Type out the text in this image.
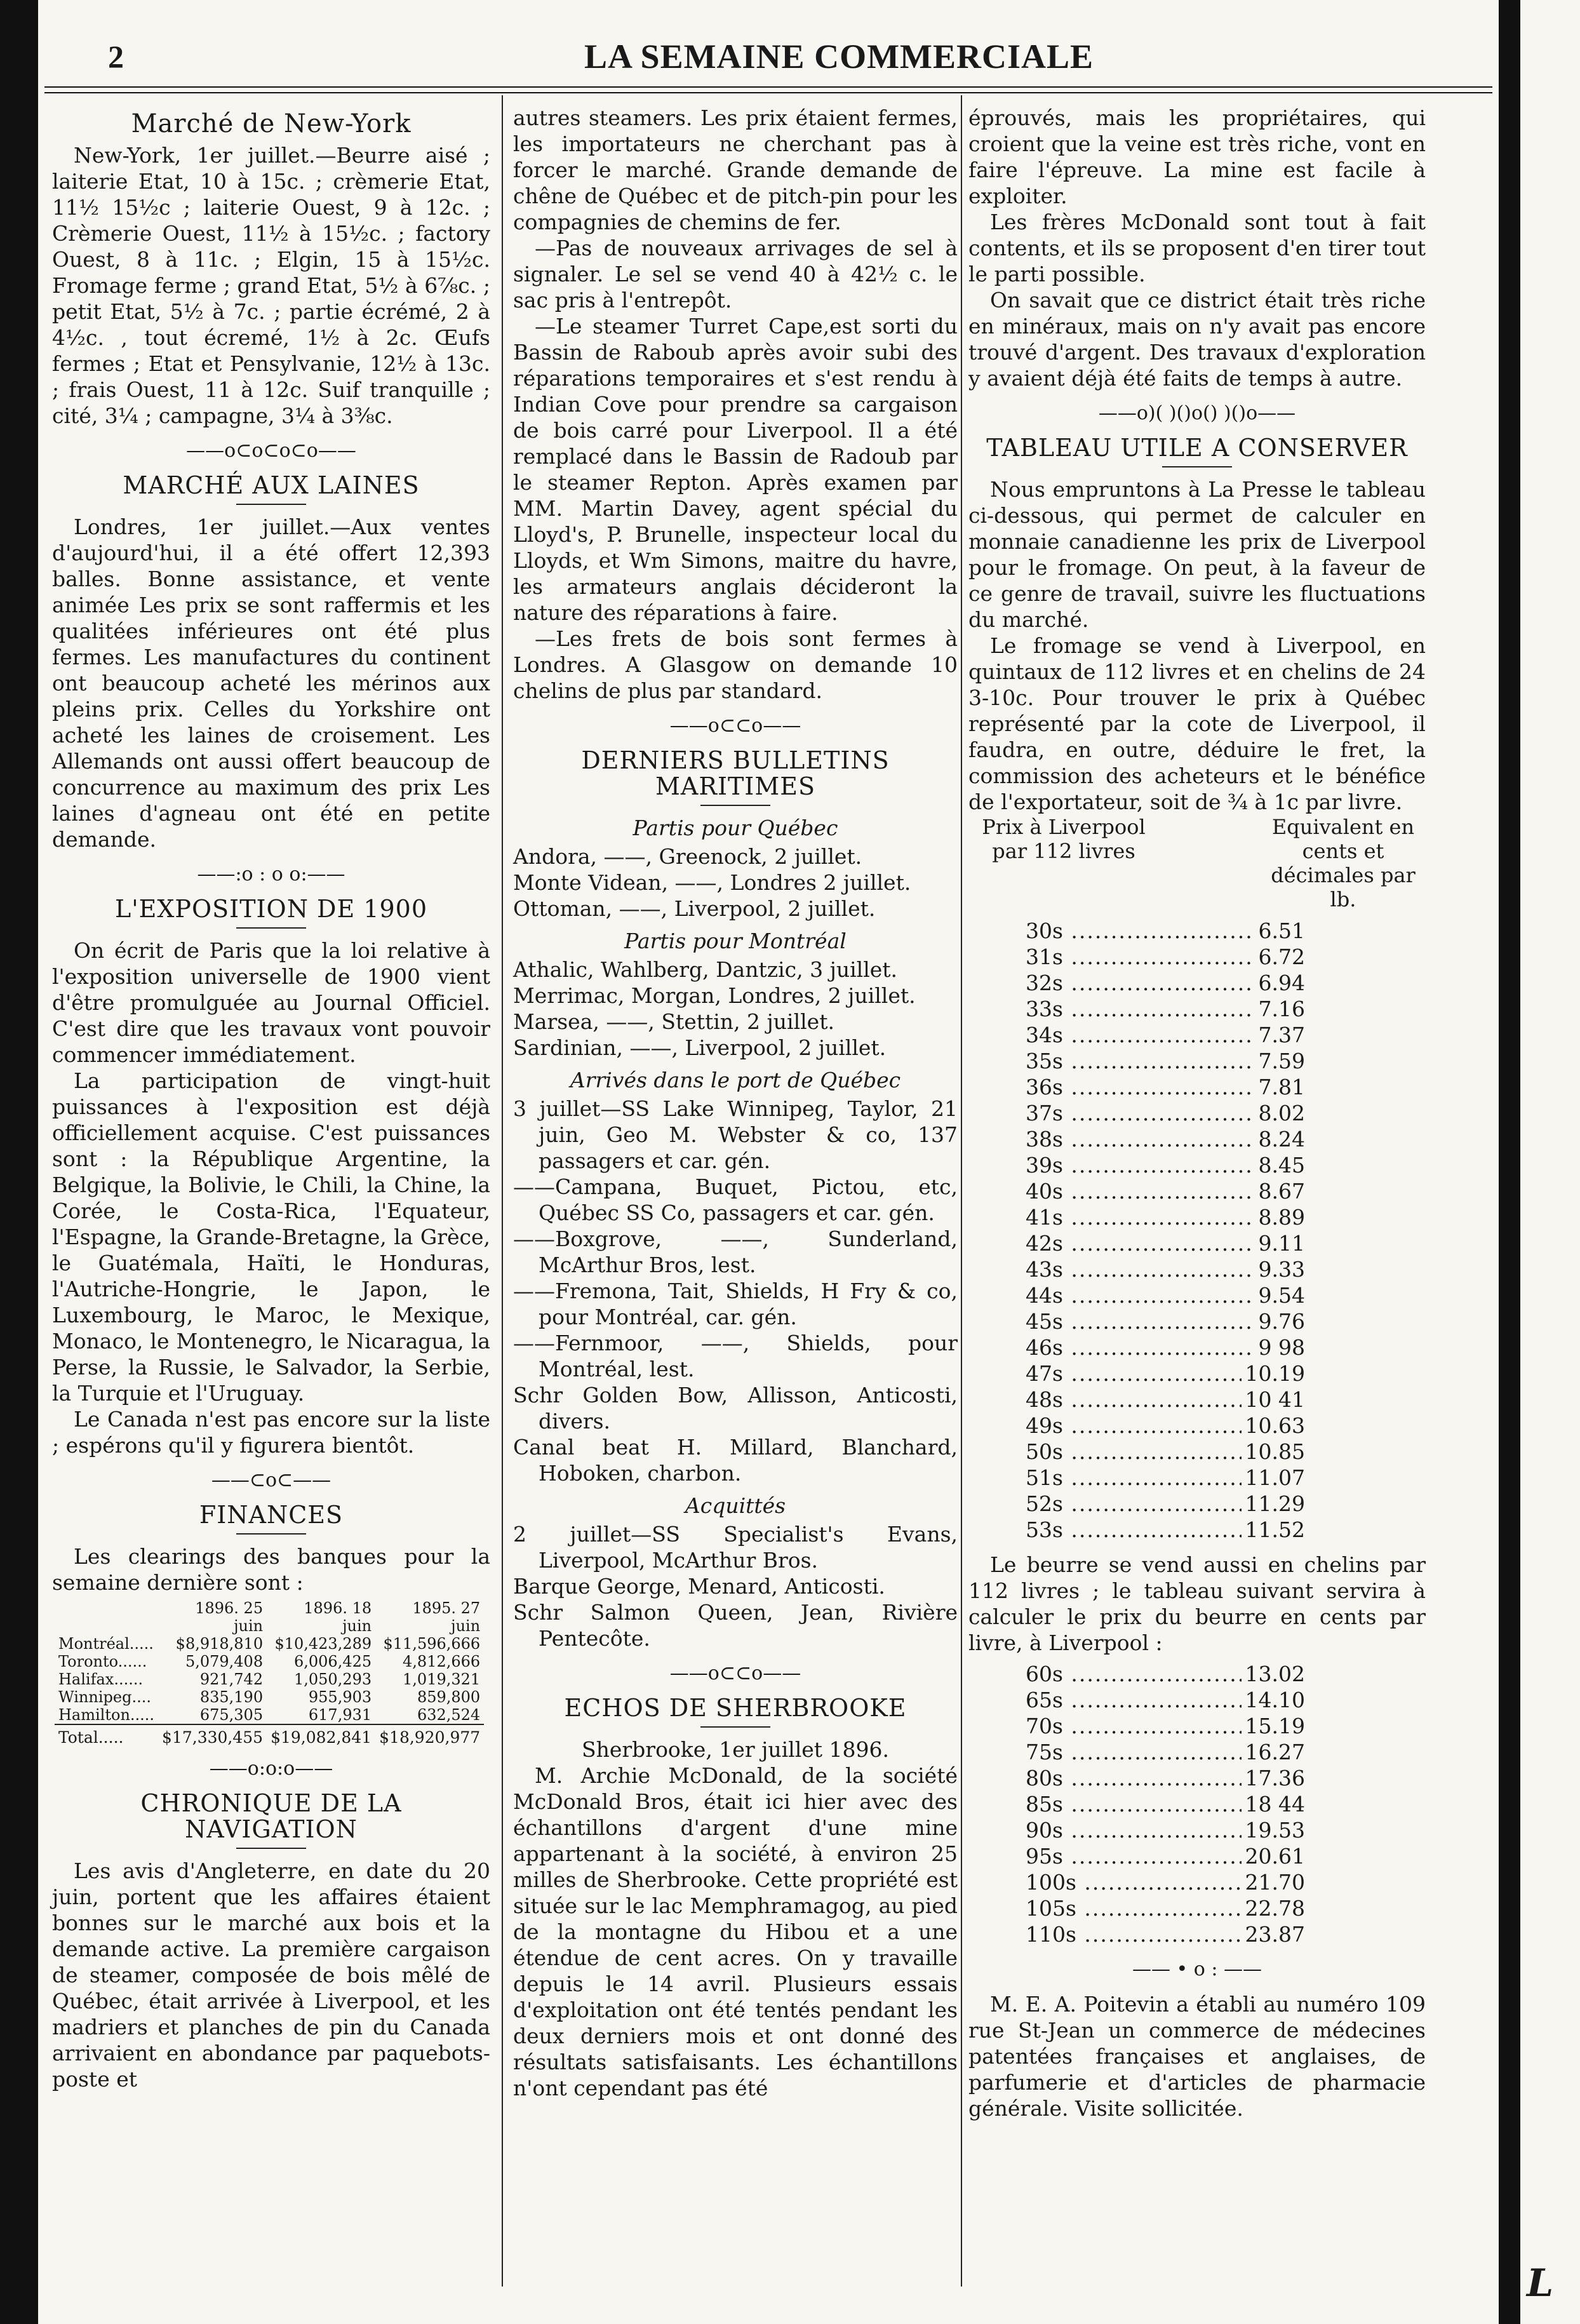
2	LA SEMAINE COMMERCIALE
Marché de New-York

New-York, 1er juillet.—Beurre aisé ; laiterie Etat, 10 à 15c. ; crèmerie Etat, 11½ 15½c ; laiterie Ouest, 9 à 12c. ; Crèmerie Ouest, 11½ à 15½c. ; factory Ouest, 8 à 11c. ; Elgin, 15 à 15½c. Fromage ferme ; grand Etat, 5½ à 6⅞c. ; petit Etat, 5½ à 7c. ; partie écrémé, 2 à 4½c. , tout écremé, 1½ à 2c. Œufs fermes ; Etat et Pensylvanie, 12½ à 13c. ; frais Ouest, 11 à 12c. Suif tranquille ; cité, 3¼ ; campagne, 3¼ à 3⅜c.

——o⊂o⊂o⊂o——
MARCHÉ AUX LAINES

Londres, 1er juillet.—Aux ventes d'aujourd'hui, il a été offert 12,393 balles. Bonne assistance, et vente animée Les prix se sont raffermis et les qualitées inférieures ont été plus fermes. Les manufactures du continent ont beaucoup acheté les mérinos aux pleins prix. Celles du Yorkshire ont acheté les laines de croisement. Les Allemands ont aussi offert beaucoup de concurrence au maximum des prix Les laines d'agneau ont été en petite demande.

——:o : o o:——
L'EXPOSITION DE 1900

On écrit de Paris que la loi relative à l'exposition universelle de 1900 vient d'être promulguée au Journal Officiel. C'est dire que les travaux vont pouvoir commencer immédiatement.

La participation de vingt-huit puissances à l'exposition est déjà officiellement acquise. C'est puissances sont : la République Argentine, la Belgique, la Bolivie, le Chili, la Chine, la Corée, le Costa-Rica, l'Equateur, l'Espagne, la Grande-Bretagne, la Grèce, le Guatémala, Haïti, le Honduras, l'Autriche-Hongrie, le Japon, le Luxembourg, le Maroc, le Mexique, Monaco, le Montenegro, le Nicaragua, la Perse, la Russie, le Salvador, la Serbie, la Turquie et l'Uruguay.

Le Canada n'est pas encore sur la liste ; espérons qu'il y figurera bientôt.

——⊂o⊂——
FINANCES

Les clearings des banques pour la semaine dernière sont :

	1896. 25 juin	1896. 18 juin	1895. 27 juin
Montréal.....	$8,918,810	$10,423,289	$11,596,666
Toronto......	5,079,408	6,006,425	4,812,666
Halifax......	921,742	1,050,293	1,019,321
Winnipeg....	835,190	955,903	859,800
Hamilton.....	675,305	617,931	632,524
Total.....	$17,330,455	$19,082,841	$18,920,977
——o:o:o——
CHRONIQUE DE LA NAVIGATION

Les avis d'Angleterre, en date du 20 juin, portent que les affaires étaient bonnes sur le marché aux bois et la demande active. La première cargaison de steamer, composée de bois mêlé de Québec, était arrivée à Liverpool, et les madriers et planches de pin du Canada arrivaient en abondance par paquebots-poste et

autres steamers. Les prix étaient fermes, les importateurs ne cherchant pas à forcer le marché. Grande demande de chêne de Québec et de pitch-pin pour les compagnies de chemins de fer.

—Pas de nouveaux arrivages de sel à signaler. Le sel se vend 40 à 42½ c. le sac pris à l'entrepôt.

—Le steamer Turret Cape,est sorti du Bassin de Raboub après avoir subi des réparations temporaires et s'est rendu à Indian Cove pour prendre sa cargaison de bois carré pour Liverpool. Il a été remplacé dans le Bassin de Radoub par le steamer Repton. Après examen par MM. Martin Davey, agent spécial du Lloyd's, P. Brunelle, inspecteur local du Lloyds, et Wm Simons, maitre du havre, les armateurs anglais décideront la nature des réparations à faire.

—Les frets de bois sont fermes à Londres. A Glasgow on demande 10 chelins de plus par standard.

——o⊂⊂o——
DERNIERS BULLETINS MARITIMES
Partis pour Québec

Andora, ——, Greenock, 2 juillet.

Monte Videan, ——, Londres 2 juillet.

Ottoman, ——, Liverpool, 2 juillet.

Partis pour Montréal

Athalic, Wahlberg, Dantzic, 3 juillet.

Merrimac, Morgan, Londres, 2 juillet.

Marsea, ——, Stettin, 2 juillet.

Sardinian, ——, Liverpool, 2 juillet.

Arrivés dans le port de Québec

3 juillet—SS Lake Winnipeg, Taylor, 21 juin, Geo M. Webster & co, 137 passagers et car. gén.

——Campana, Buquet, Pictou, etc, Québec SS Co, passagers et car. gén.

——Boxgrove, ——, Sunderland, McArthur Bros, lest.

——Fremona, Tait, Shields, H Fry & co, pour Montréal, car. gén.

——Fernmoor, ——, Shields, pour Montréal, lest.

Schr Golden Bow, Allisson, Anticosti, divers.

Canal beat H. Millard, Blanchard, Hoboken, charbon.

Acquittés

2 juillet—SS Specialist's Evans, Liverpool, McArthur Bros.

Barque George, Menard, Anticosti.

Schr Salmon Queen, Jean, Rivière Pentecôte.

——o⊂⊂o——
ECHOS DE SHERBROOKE

Sherbrooke, 1er juillet 1896.

M. Archie McDonald, de la société McDonald Bros, était ici hier avec des échantillons d'argent d'une mine appartenant à la société, à environ 25 milles de Sherbrooke. Cette propriété est située sur le lac Memphramagog, au pied de la montagne du Hibou et a une étendue de cent acres. On y travaille depuis le 14 avril. Plusieurs essais d'exploitation ont été tentés pendant les deux derniers mois et ont donné des résultats satisfaisants. Les échantillons n'ont cependant pas été

éprouvés, mais les propriétaires, qui croient que la veine est très riche, vont en faire l'épreuve. La mine est facile à exploiter.

Les frères McDonald sont tout à fait contents, et ils se proposent d'en tirer tout le parti possible.

On savait que ce district était très riche en minéraux, mais on n'y avait pas encore trouvé d'argent. Des travaux d'exploration y avaient déjà été faits de temps à autre.

——o)( )()o() )()o——
TABLEAU UTILE A CONSERVER

Nous empruntons à La Presse le tableau ci-dessous, qui permet de calculer en monnaie canadienne les prix de Liverpool pour le fromage. On peut, à la faveur de ce genre de travail, suivre les fluctuations du marché.

Le fromage se vend à Liverpool, en quintaux de 112 livres et en chelins de 24 3-10c. Pour trouver le prix à Québec représenté par la cote de Liverpool, il faudra, en outre, déduire le fret, la commission des acheteurs et le bénéfice de l'exportateur, soit de ¾ à 1c par livre.

Prix à Liverpool par 112 livres
Equivalent en cents et décimales par lb.
30s .....	6.51
31s .....	6.72
32s .....	6.94
33s .....	7.16
34s .....	7.37
35s .....	7.59
36s .....	7.81
37s .....	8.02
38s .....	8.24
39s .....	8.45
40s .....	8.67
41s .....	8.89
42s .....	9.11
43s .....	9.33
44s .....	9.54
45s .....	9.76
46s .....	9 98
47s .....	10.19
48s .....	10 41
49s .....	10.63
50s .....	10.85
51s .....	11.07
52s .....	11.29
53s .....	11.52

Le beurre se vend aussi en chelins par 112 livres ; le tableau suivant servira à calculer le prix du beurre en cents par livre, à Liverpool :

60s .....	13.02
65s .....	14.10
70s .....	15.19
75s .....	16.27
80s .....	17.36
85s .....	18 44
90s .....	19.53
95s .....	20.61
100s .....	21.70
105s .....	22.78
110s .....	23.87
—— • o : ——

M. E. A. Poitevin a établi au numéro 109 rue St-Jean un commerce de médecines patentées françaises et anglaises, de parfumerie et d'articles de pharmacie générale. Visite sollicitée.

L
